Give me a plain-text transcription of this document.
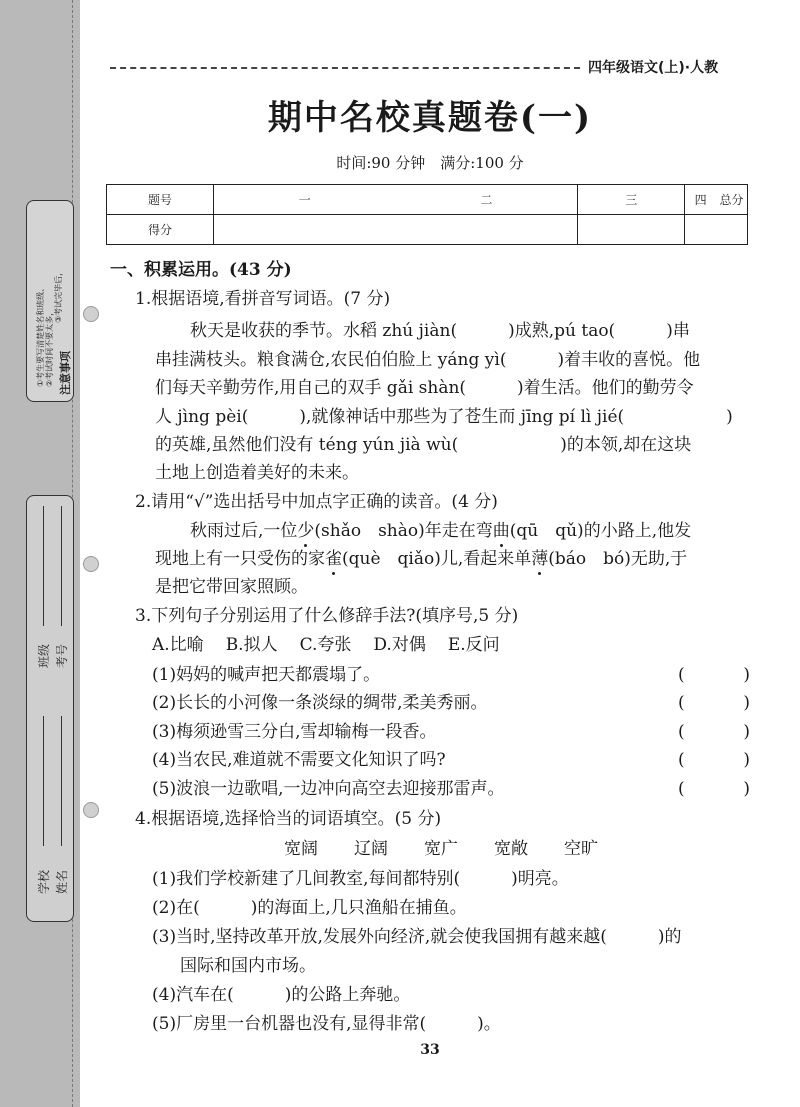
注意事项
①考生要写清楚姓名和班级、 ②考试时间不要太多，
③考试完毕后，
班级 考号
学校 姓名
四年级语文(上)·人教
期中名校真题卷(一)
时间:90 分钟　满分:100 分
题号	一 二	三	四 总分

得分			
一、积累运用。(43 分)
1.根据语境,看拼音写词语。(7 分)
秋天是收获的季节。水稻 zhú jiàn(　　　)成熟,pú tao(　　　)串
串挂满枝头。粮食满仓,农民伯伯脸上 yáng yì(　　　)着丰收的喜悦。他
们每天辛勤劳作,用自己的双手 gǎi shàn(　　　)着生活。他们的勤劳令
人 jìng pèi(　　　),就像神话中那些为了苍生而 jīng pí lì jié(　　　　　　)
的英雄,虽然他们没有 téng yún jià wù(　　　　　　)的本领,却在这块
土地上创造着美好的未来。
2.请用“√”选出括号中加点字正确的读音。(4 分)
秋雨过后,一位少(shǎo　shào)年走在弯曲(qū　qǔ)的小路上,他发
现地上有一只受伤的家雀(què　qiǎo)儿,看起来单薄(báo　bó)无助,于
是把它带回家照顾。
3.下列句子分别运用了什么修辞手法?(填序号,5 分)
A.比喻 B.拟人 C.夸张 D.对偶 E.反问
(1)妈妈的喊声把天都震塌了。	(	)
(2)长长的小河像一条淡绿的绸带,柔美秀丽。	(	)
(3)梅须逊雪三分白,雪却输梅一段香。	(	)
(4)当农民,难道就不需要文化知识了吗?	(	)
(5)波浪一边歌唱,一边冲向高空去迎接那雷声。	(	)
4.根据语境,选择恰当的词语填空。(5 分)
宽阔 辽阔 宽广 宽敞 空旷
(1)我们学校新建了几间教室,每间都特别(　　　)明亮。
(2)在(　　　)的海面上,几只渔船在捕鱼。
(3)当时,坚持改革开放,发展外向经济,就会使我国拥有越来越(　　　)的
国际和国内市场。
(4)汽车在(　　　)的公路上奔驰。
(5)厂房里一台机器也没有,显得非常(　　　)。
33
